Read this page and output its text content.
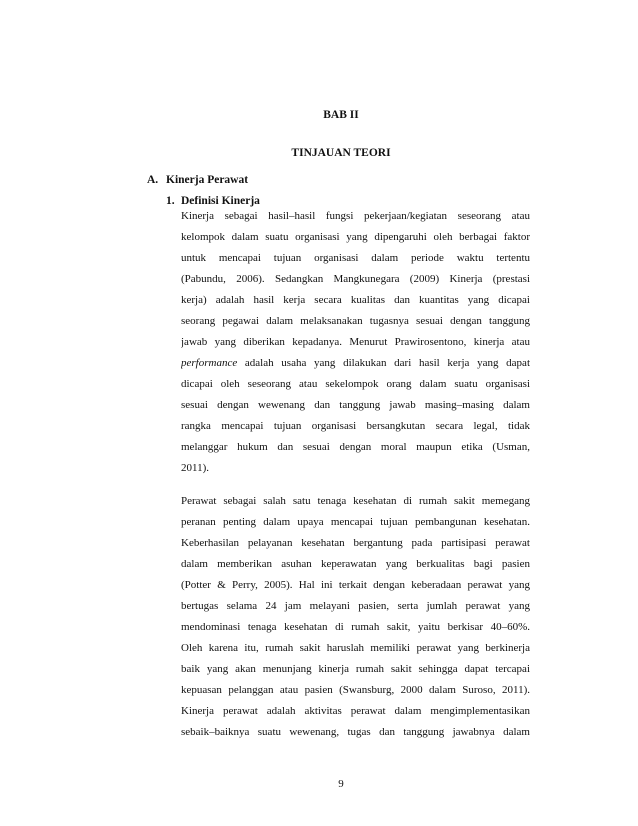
BAB II
TINJAUAN TEORI
A. Kinerja Perawat
1. Definisi Kinerja
Kinerja sebagai hasil–hasil fungsi pekerjaan/kegiatan seseorang atau
kelompok dalam suatu organisasi yang dipengaruhi oleh berbagai faktor
untuk mencapai tujuan organisasi dalam periode waktu tertentu
(Pabundu, 2006). Sedangkan Mangkunegara (2009) Kinerja (prestasi
kerja) adalah hasil kerja secara kualitas dan kuantitas yang dicapai
seorang pegawai dalam melaksanakan tugasnya sesuai dengan tanggung
jawab yang diberikan kepadanya. Menurut Prawirosentono, kinerja atau
performance adalah usaha yang dilakukan dari hasil kerja yang dapat
dicapai oleh seseorang atau sekelompok orang dalam suatu organisasi
sesuai dengan wewenang dan tanggung jawab masing–masing dalam
rangka mencapai tujuan organisasi bersangkutan secara legal, tidak
melanggar hukum dan sesuai dengan moral maupun etika (Usman,
2011).
Perawat sebagai salah satu tenaga kesehatan di rumah sakit memegang
peranan penting dalam upaya mencapai tujuan pembangunan kesehatan.
Keberhasilan pelayanan kesehatan bergantung pada partisipasi perawat
dalam memberikan asuhan keperawatan yang berkualitas bagi pasien
(Potter & Perry, 2005). Hal ini terkait dengan keberadaan perawat yang
bertugas selama 24 jam melayani pasien, serta jumlah perawat yang
mendominasi tenaga kesehatan di rumah sakit, yaitu berkisar 40–60%.
Oleh karena itu, rumah sakit haruslah memiliki perawat yang berkinerja
baik yang akan menunjang kinerja rumah sakit sehingga dapat tercapai
kepuasan pelanggan atau pasien (Swansburg, 2000 dalam Suroso, 2011).
Kinerja perawat adalah aktivitas perawat dalam mengimplementasikan
sebaik–baiknya suatu wewenang, tugas dan tanggung jawabnya dalam
9
